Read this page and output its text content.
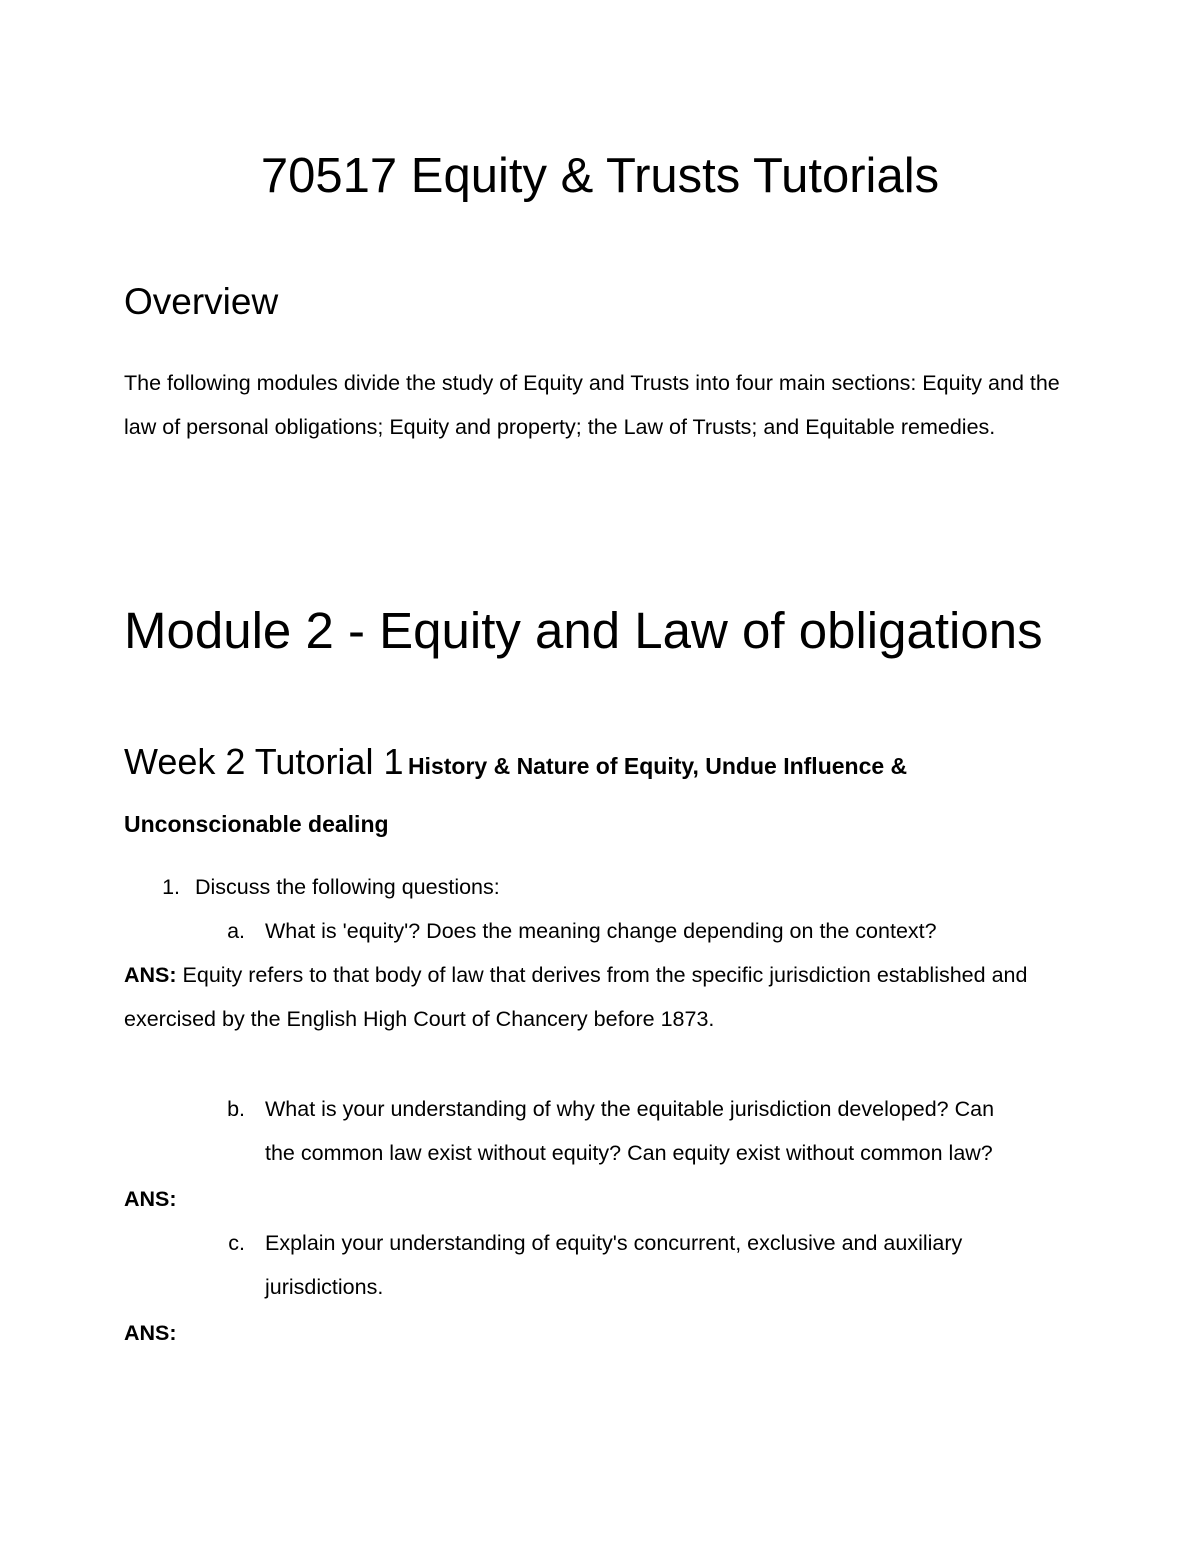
70517 Equity & Trusts Tutorials
Overview

The following modules divide the study of Equity and Trusts into four main sections: Equity and the law of personal obligations; Equity and property; the Law of Trusts; and Equitable remedies.

Module 2 - Equity and Law of obligations
Week 2 Tutorial 1 History & Nature of Equity, Undue Influence &
Unconscionable dealing
1. Discuss the following questions:
a. What is 'equity'? Does the meaning change depending on the context?

ANS: Equity refers to that body of law that derives from the specific jurisdiction established and exercised by the English High Court of Chancery before 1873.

b. What is your understanding of why the equitable jurisdiction developed? Can
the common law exist without equity? Can equity exist without common law?

ANS:

c. Explain your understanding of equity's concurrent, exclusive and auxiliary
jurisdictions.

ANS:
